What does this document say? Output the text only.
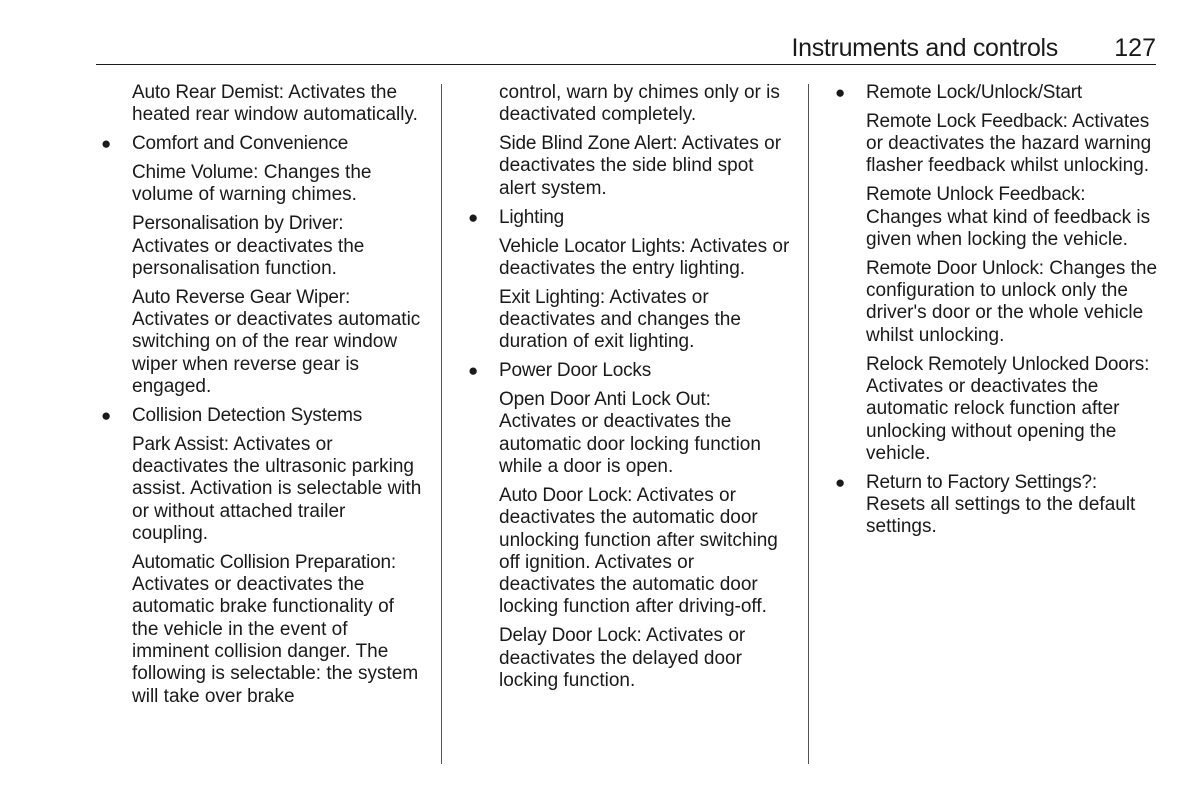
Instruments and controls 127

Auto Rear Demist: Activates the heated rear window automatically.

● Comfort and Convenience

Chime Volume: Changes the volume of warning chimes.

Personalisation by Driver: Activates or deactivates the personalisation function.

Auto Reverse Gear Wiper: Activates or deactivates automatic switching on of the rear window wiper when reverse gear is engaged.

● Collision Detection Systems

Park Assist: Activates or deactivates the ultrasonic parking assist. Activation is selectable with or without attached trailer coupling.

Automatic Collision Preparation: Activates or deactivates the automatic brake functionality of the vehicle in the event of imminent collision danger. The following is selectable: the system will take over brake

control, warn by chimes only or is deactivated completely.

Side Blind Zone Alert: Activates or deactivates the side blind spot alert system.

● Lighting

Vehicle Locator Lights: Activates or deactivates the entry lighting.

Exit Lighting: Activates or deactivates and changes the duration of exit lighting.

● Power Door Locks

Open Door Anti Lock Out: Activates or deactivates the automatic door locking function while a door is open.

Auto Door Lock: Activates or deactivates the automatic door unlocking function after switching off ignition. Activates or deactivates the automatic door locking function after driving-off.

Delay Door Lock: Activates or deactivates the delayed door locking function.

● Remote Lock/Unlock/Start

Remote Lock Feedback: Activates or deactivates the hazard warning flasher feedback whilst unlocking.

Remote Unlock Feedback: Changes what kind of feedback is given when locking the vehicle.

Remote Door Unlock: Changes the configuration to unlock only the driver's door or the whole vehicle whilst unlocking.

Relock Remotely Unlocked Doors: Activates or deactivates the automatic relock function after unlocking without opening the vehicle.

● Return to Factory Settings?: Resets all settings to the default settings.
